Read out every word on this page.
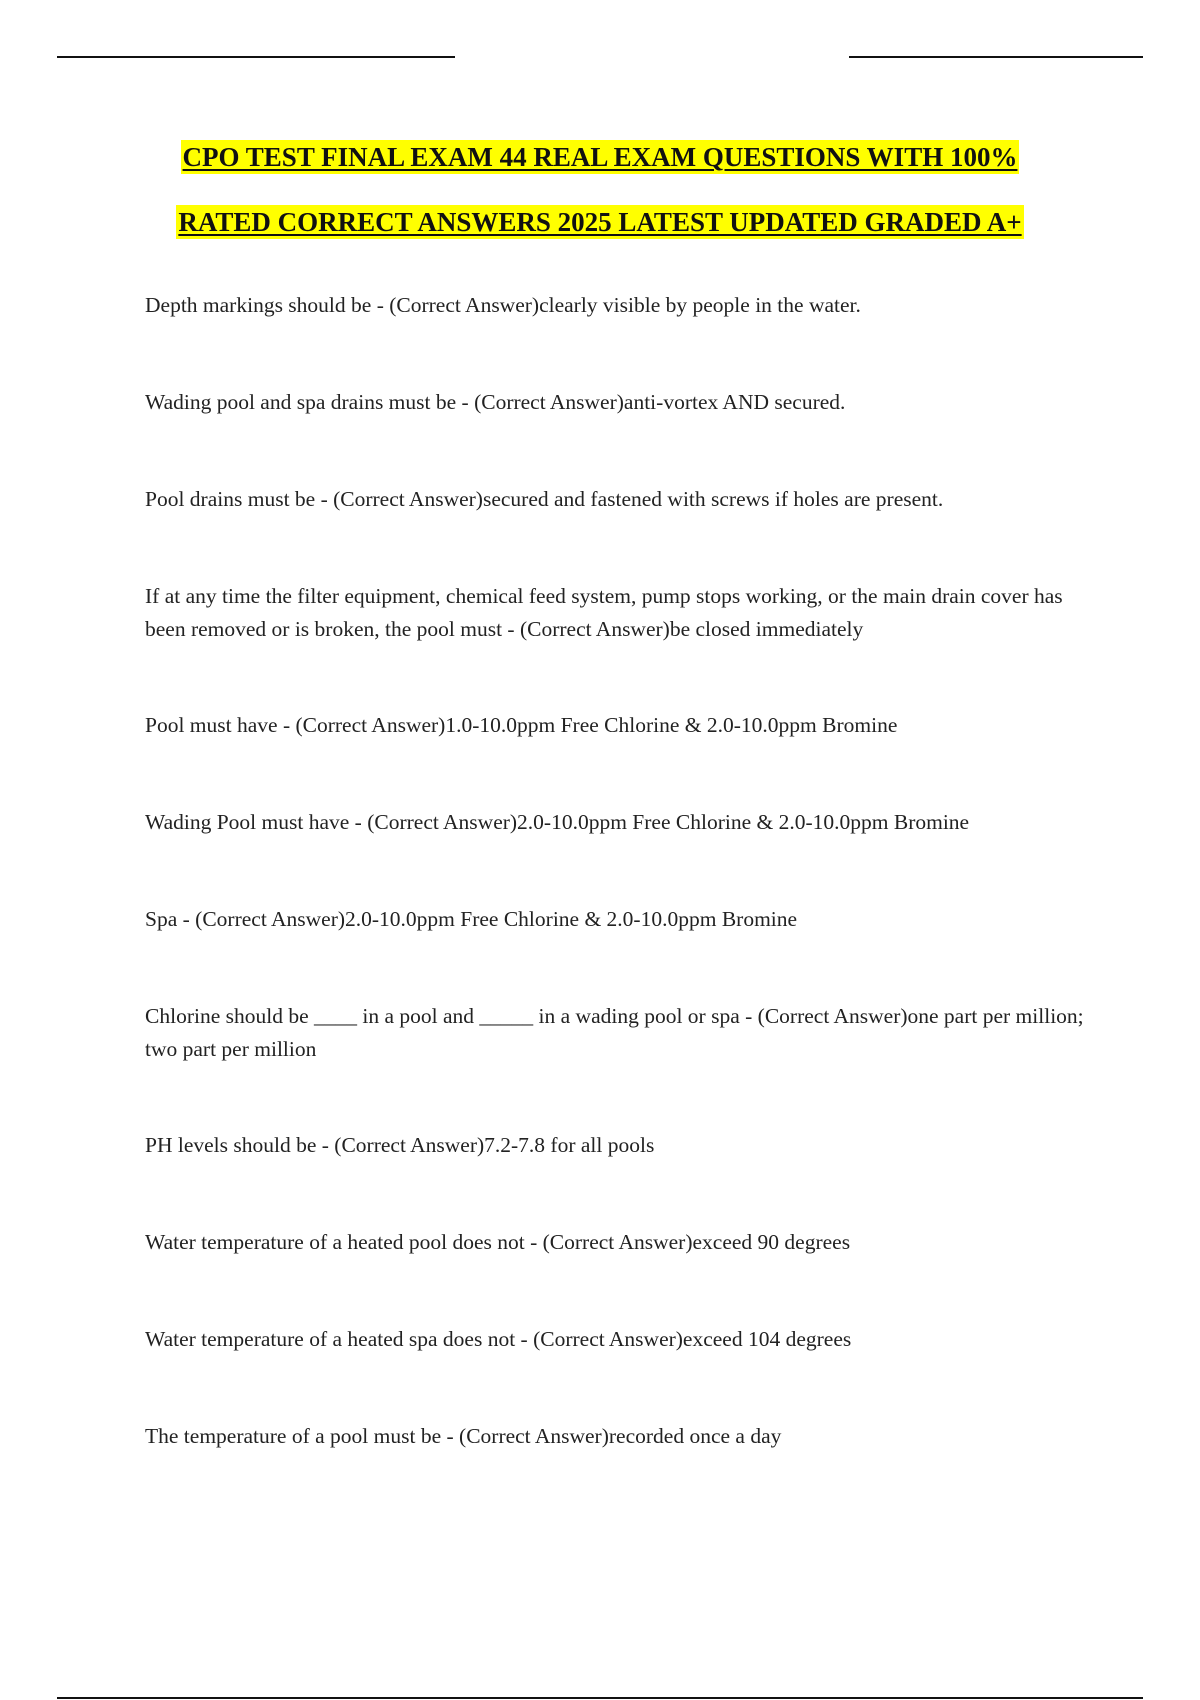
CPO TEST FINAL EXAM 44 REAL EXAM QUESTIONS WITH 100%
RATED CORRECT ANSWERS 2025 LATEST UPDATED GRADED A+

Depth markings should be - (Correct Answer)clearly visible by people in the water.

Wading pool and spa drains must be - (Correct Answer)anti-vortex AND secured.

Pool drains must be - (Correct Answer)secured and fastened with screws if holes are present.

If at any time the filter equipment, chemical feed system, pump stops working, or the main drain cover has been removed or is broken, the pool must - (Correct Answer)be closed immediately

Pool must have - (Correct Answer)1.0-10.0ppm Free Chlorine & 2.0-10.0ppm Bromine

Wading Pool must have - (Correct Answer)2.0-10.0ppm Free Chlorine & 2.0-10.0ppm Bromine

Spa - (Correct Answer)2.0-10.0ppm Free Chlorine & 2.0-10.0ppm Bromine

Chlorine should be ____ in a pool and _____ in a wading pool or spa - (Correct Answer)one part per million; two part per million

PH levels should be - (Correct Answer)7.2-7.8 for all pools

Water temperature of a heated pool does not - (Correct Answer)exceed 90 degrees

Water temperature of a heated spa does not - (Correct Answer)exceed 104 degrees

The temperature of a pool must be - (Correct Answer)recorded once a day
